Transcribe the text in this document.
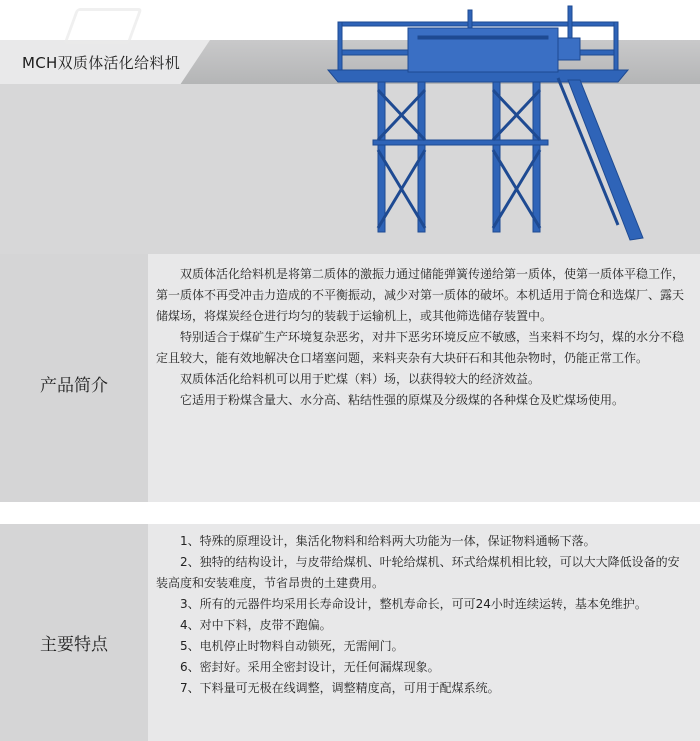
MCH双质体活化给料机
产品简介

双质体活化给料机是将第二质体的激振力通过储能弹簧传递给第一质体，使第一质体平稳工作，第一质体不再受冲击力造成的不平衡振动，减少对第一质体的破坏。本机适用于筒仓和选煤厂、露天储煤场，将煤炭经仓进行均匀的装载于运输机上，或其他筛选储存装置中。

特别适合于煤矿生产环境复杂恶劣，对井下恶劣环境反应不敏感，当来料不均匀，煤的水分不稳定且较大，能有效地解决仓口堵塞问题，来料夹杂有大块矸石和其他杂物时，仍能正常工作。

双质体活化给料机可以用于贮煤（料）场，以获得较大的经济效益。

它适用于粉煤含量大、水分高、粘结性强的原煤及分级煤的各种煤仓及贮煤场使用。

主要特点

1、特殊的原理设计，集活化物料和给料两大功能为一体，保证物料通畅下落。

2、独特的结构设计，与皮带给煤机、叶轮给煤机、环式给煤机相比较，可以大大降低设备的安装高度和安装难度，节省昂贵的土建费用。

3、所有的元器件均采用长寿命设计，整机寿命长，可可24小时连续运转，基本免维护。

4、对中下料，皮带不跑偏。

5、电机停止时物料自动锁死，无需闸门。

6、密封好。采用全密封设计，无任何漏煤现象。

7、下料量可无极在线调整，调整精度高，可用于配煤系统。
